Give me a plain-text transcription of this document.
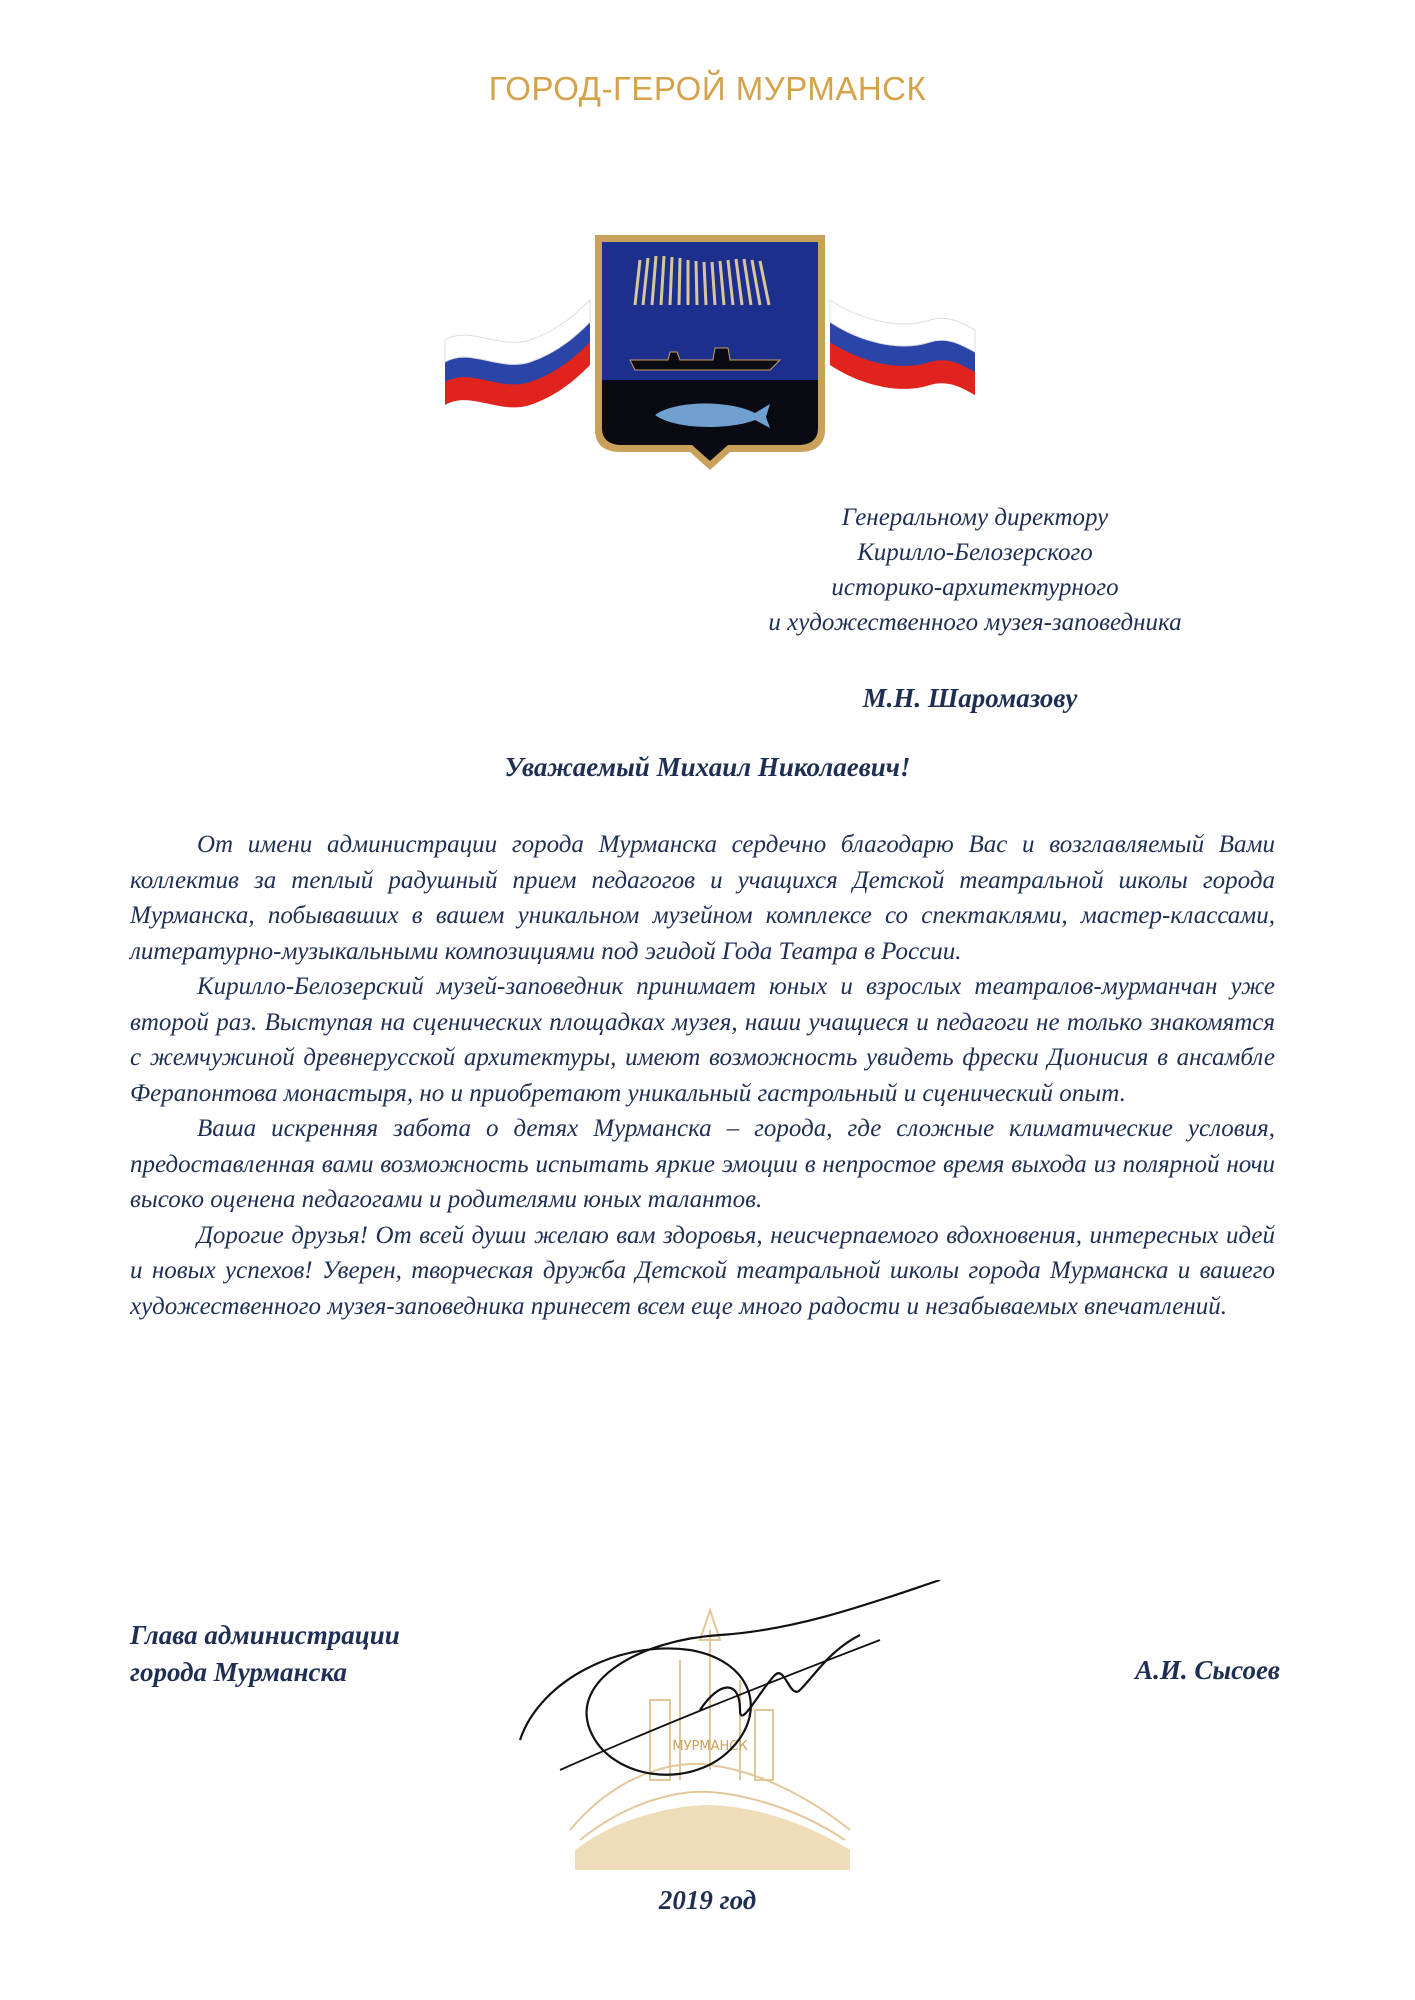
ГОРОД-ГЕРОЙ МУРМАНСК
Генеральному директору
Кирилло-Белозерского
историко-архитектурного
и художественного музея-заповедника
М.Н. Шаромазову
Уважаемый Михаил Николаевич!

От имени администрации города Мурманска сердечно благодарю Вас и возглавляемый Вами коллектив за теплый радушный прием педагогов и учащихся Детской театральной школы города Мурманска, побывавших в вашем уникальном музейном комплексе со спектаклями, мастер-классами, литературно-музыкальными композициями под эгидой Года Театра в России.

Кирилло-Белозерский музей-заповедник принимает юных и взрослых театралов-мурманчан уже второй раз. Выступая на сценических площадках музея, наши учащиеся и педагоги не только знакомятся с жемчужиной древнерусской архитектуры, имеют возможность увидеть фрески Дионисия в ансамбле Ферапонтова монастыря, но и приобретают уникальный гастрольный и сценический опыт.

Ваша искренняя забота о детях Мурманска – города, где сложные климатические условия, предоставленная вами возможность испытать яркие эмоции в непростое время выхода из полярной ночи высоко оценена педагогами и родителями юных талантов.

Дорогие друзья! От всей души желаю вам здоровья, неисчерпаемого вдохновения, интересных идей и новых успехов! Уверен, творческая дружба Детской театральной школы города Мурманска и вашего художественного музея-заповедника принесет всем еще много радости и незабываемых впечатлений.

МУРМАНСК
Глава администрации
города Мурманска	А.И. Сысоев
2019 год
